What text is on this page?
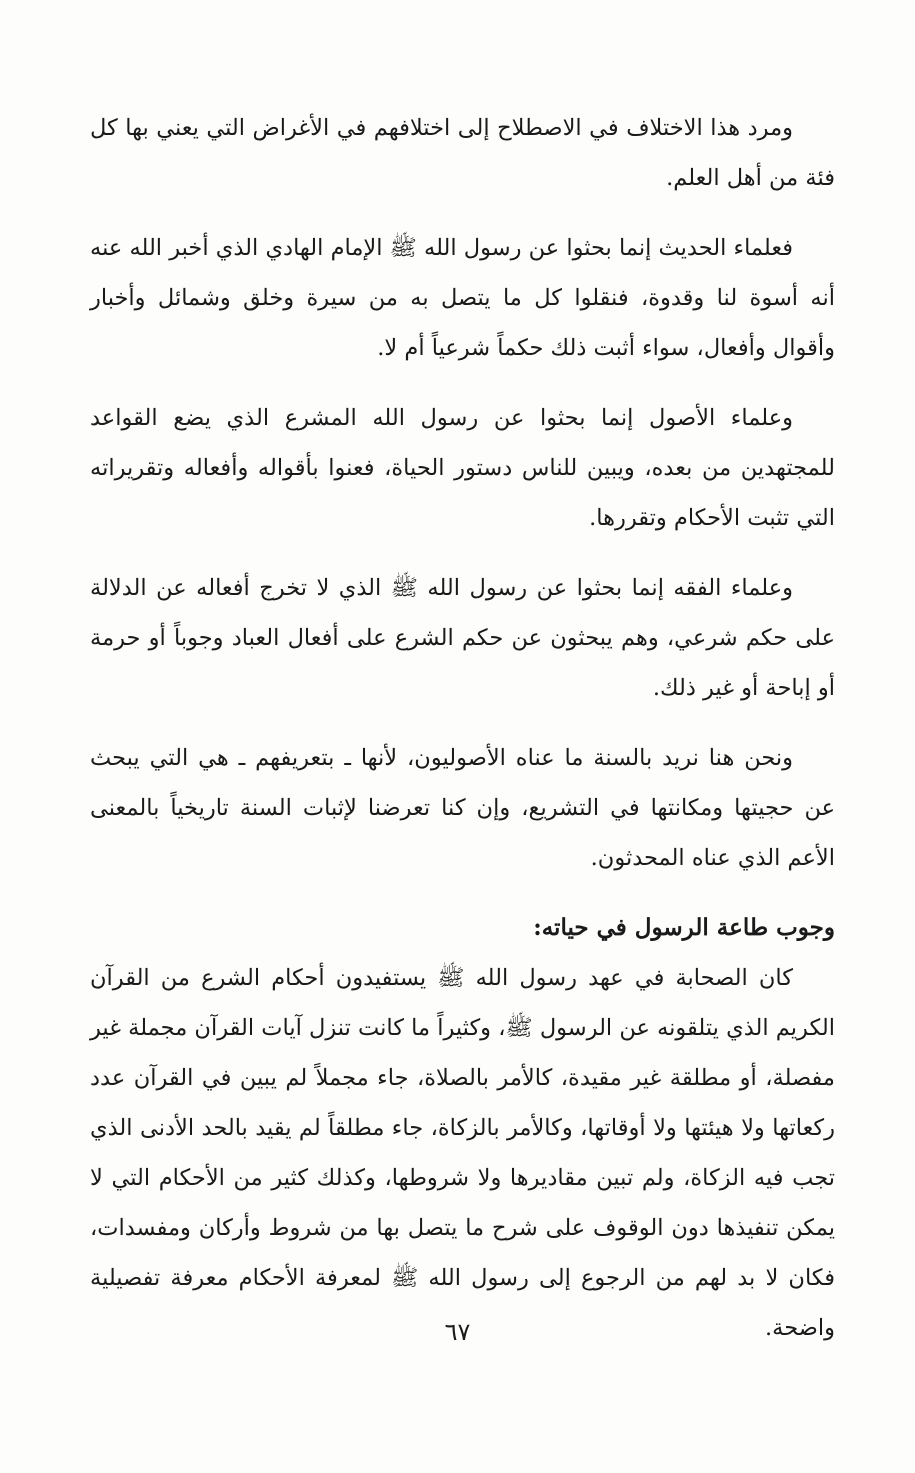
ومرد هذا الاختلاف في الاصطلاح إلى اختلافهم في الأغراض التي يعني بها كل فئة من أهل العلم.

فعلماء الحديث إنما بحثوا عن رسول الله ﷺ الإمام الهادي الذي أخبر الله عنه أنه أسوة لنا وقدوة، فنقلوا كل ما يتصل به من سيرة وخلق وشمائل وأخبار وأقوال وأفعال، سواء أثبت ذلك حكماً شرعياً أم لا.

وعلماء الأصول إنما بحثوا عن رسول الله المشرع الذي يضع القواعد للمجتهدين من بعده، ويبين للناس دستور الحياة، فعنوا بأقواله وأفعاله وتقريراته التي تثبت الأحكام وتقررها.

وعلماء الفقه إنما بحثوا عن رسول الله ﷺ الذي لا تخرج أفعاله عن الدلالة على حكم شرعي، وهم يبحثون عن حكم الشرع على أفعال العباد وجوباً أو حرمة أو إباحة أو غير ذلك.

ونحن هنا نريد بالسنة ما عناه الأصوليون، لأنها ـ بتعريفهم ـ هي التي يبحث عن حجيتها ومكانتها في التشريع، وإن كنا تعرضنا لإثبات السنة تاريخياً بالمعنى الأعم الذي عناه المحدثون.

وجوب طاعة الرسول في حياته:

كان الصحابة في عهد رسول الله ﷺ يستفيدون أحكام الشرع من القرآن الكريم الذي يتلقونه عن الرسول ﷺ، وكثيراً ما كانت تنزل آيات القرآن مجملة غير مفصلة، أو مطلقة غير مقيدة، كالأمر بالصلاة، جاء مجملاً لم يبين في القرآن عدد ركعاتها ولا هيئتها ولا أوقاتها، وكالأمر بالزكاة، جاء مطلقاً لم يقيد بالحد الأدنى الذي تجب فيه الزكاة، ولم تبين مقاديرها ولا شروطها، وكذلك كثير من الأحكام التي لا يمكن تنفيذها دون الوقوف على شرح ما يتصل بها من شروط وأركان ومفسدات، فكان لا بد لهم من الرجوع إلى رسول الله ﷺ لمعرفة الأحكام معرفة تفصيلية واضحة.

٦٧
